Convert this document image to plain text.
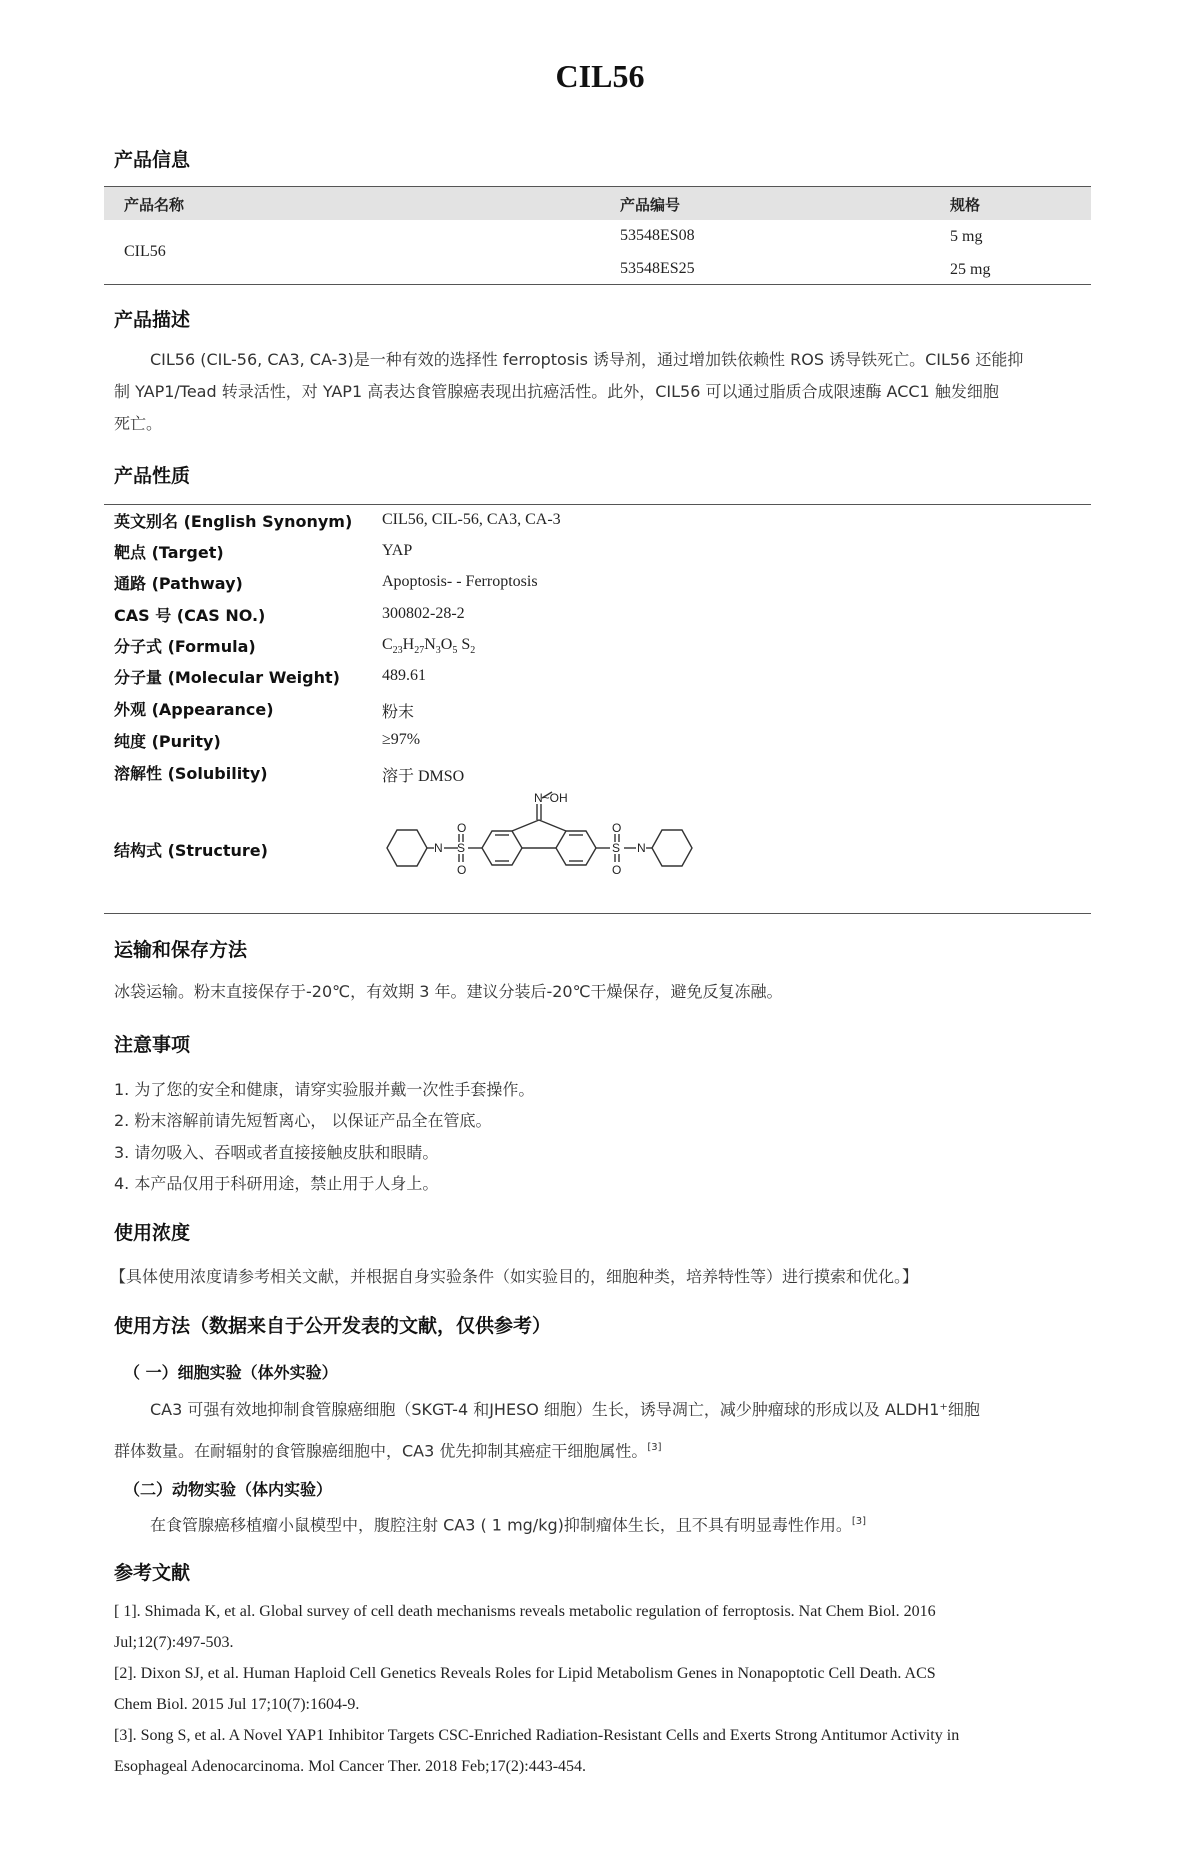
CIL56
产品信息
产品名称	产品编号	规格
CIL56
53548ES08	5 mg
53548ES25	25 mg
产品描述
CIL56 (CIL-56, CA3, CA-3)是一种有效的选择性 ferroptosis 诱导剂，通过增加铁依赖性 ROS 诱导铁死亡。CIL56 还能抑
制 YAP1/Tead 转录活性，对 YAP1 高表达食管腺癌表现出抗癌活性。此外，CIL56 可以通过脂质合成限速酶 ACC1 触发细胞
死亡。
产品性质
英文别名 (English Synonym) CIL56, CIL-56, CA3, CA-3
靶点 (Target)	YAP
通路 (Pathway)	Apoptosis- - Ferroptosis
CAS 号 (CAS NO.)	300802-28-2
分子式 (Formula)	$C_{23}H_{27}N_3O_5$ $S_2$
分子量 (Molecular Weight)	489.61
外观 (Appearance)	粉末
纯度 (Purity)	≥97%
溶解性 (Solubility)	溶于 DMSO
结构式 (Structure)
N~OH
N S
O
O
S
O
O
N
运输和保存方法
冰袋运输。粉末直接保存于-20℃，有效期 3 年。建议分装后-20℃干燥保存，避免反复冻融。
注意事项
1. 为了您的安全和健康，请穿实验服并戴一次性手套操作。
2. 粉末溶解前请先短暂离心， 以保证产品全在管底。
3. 请勿吸入、吞咽或者直接接触皮肤和眼睛。
4. 本产品仅用于科研用途，禁止用于人身上。
使用浓度
【具体使用浓度请参考相关文献，并根据自身实验条件（如实验目的，细胞种类，培养特性等）进行摸索和优化。】
使用方法（数据来自于公开发表的文献，仅供参考）
（ 一）细胞实验（体外实验）
CA3 可强有效地抑制食管腺癌细胞（SKGT-4 和JHESO 细胞）生长，诱导凋亡，减少肿瘤球的形成以及 ALDH1⁺细胞
群体数量。在耐辐射的食管腺癌细胞中，CA3 优先抑制其癌症干细胞属性。[3]
（二）动物实验（体内实验）
在食管腺癌移植瘤小鼠模型中，腹腔注射 CA3 ( 1 mg/kg)抑制瘤体生长，且不具有明显毒性作用。[3]
参考文献
[ 1]. Shimada K, et al. Global survey of cell death mechanisms reveals metabolic regulation of ferroptosis. Nat Chem Biol. 2016
Jul;12(7):497-503.
[2]. Dixon SJ, et al. Human Haploid Cell Genetics Reveals Roles for Lipid Metabolism Genes in Nonapoptotic Cell Death. ACS
Chem Biol. 2015 Jul 17;10(7):1604-9.
[3]. Song S, et al. A Novel YAP1 Inhibitor Targets CSC-Enriched Radiation-Resistant Cells and Exerts Strong Antitumor Activity in
Esophageal Adenocarcinoma. Mol Cancer Ther. 2018 Feb;17(2):443-454.
